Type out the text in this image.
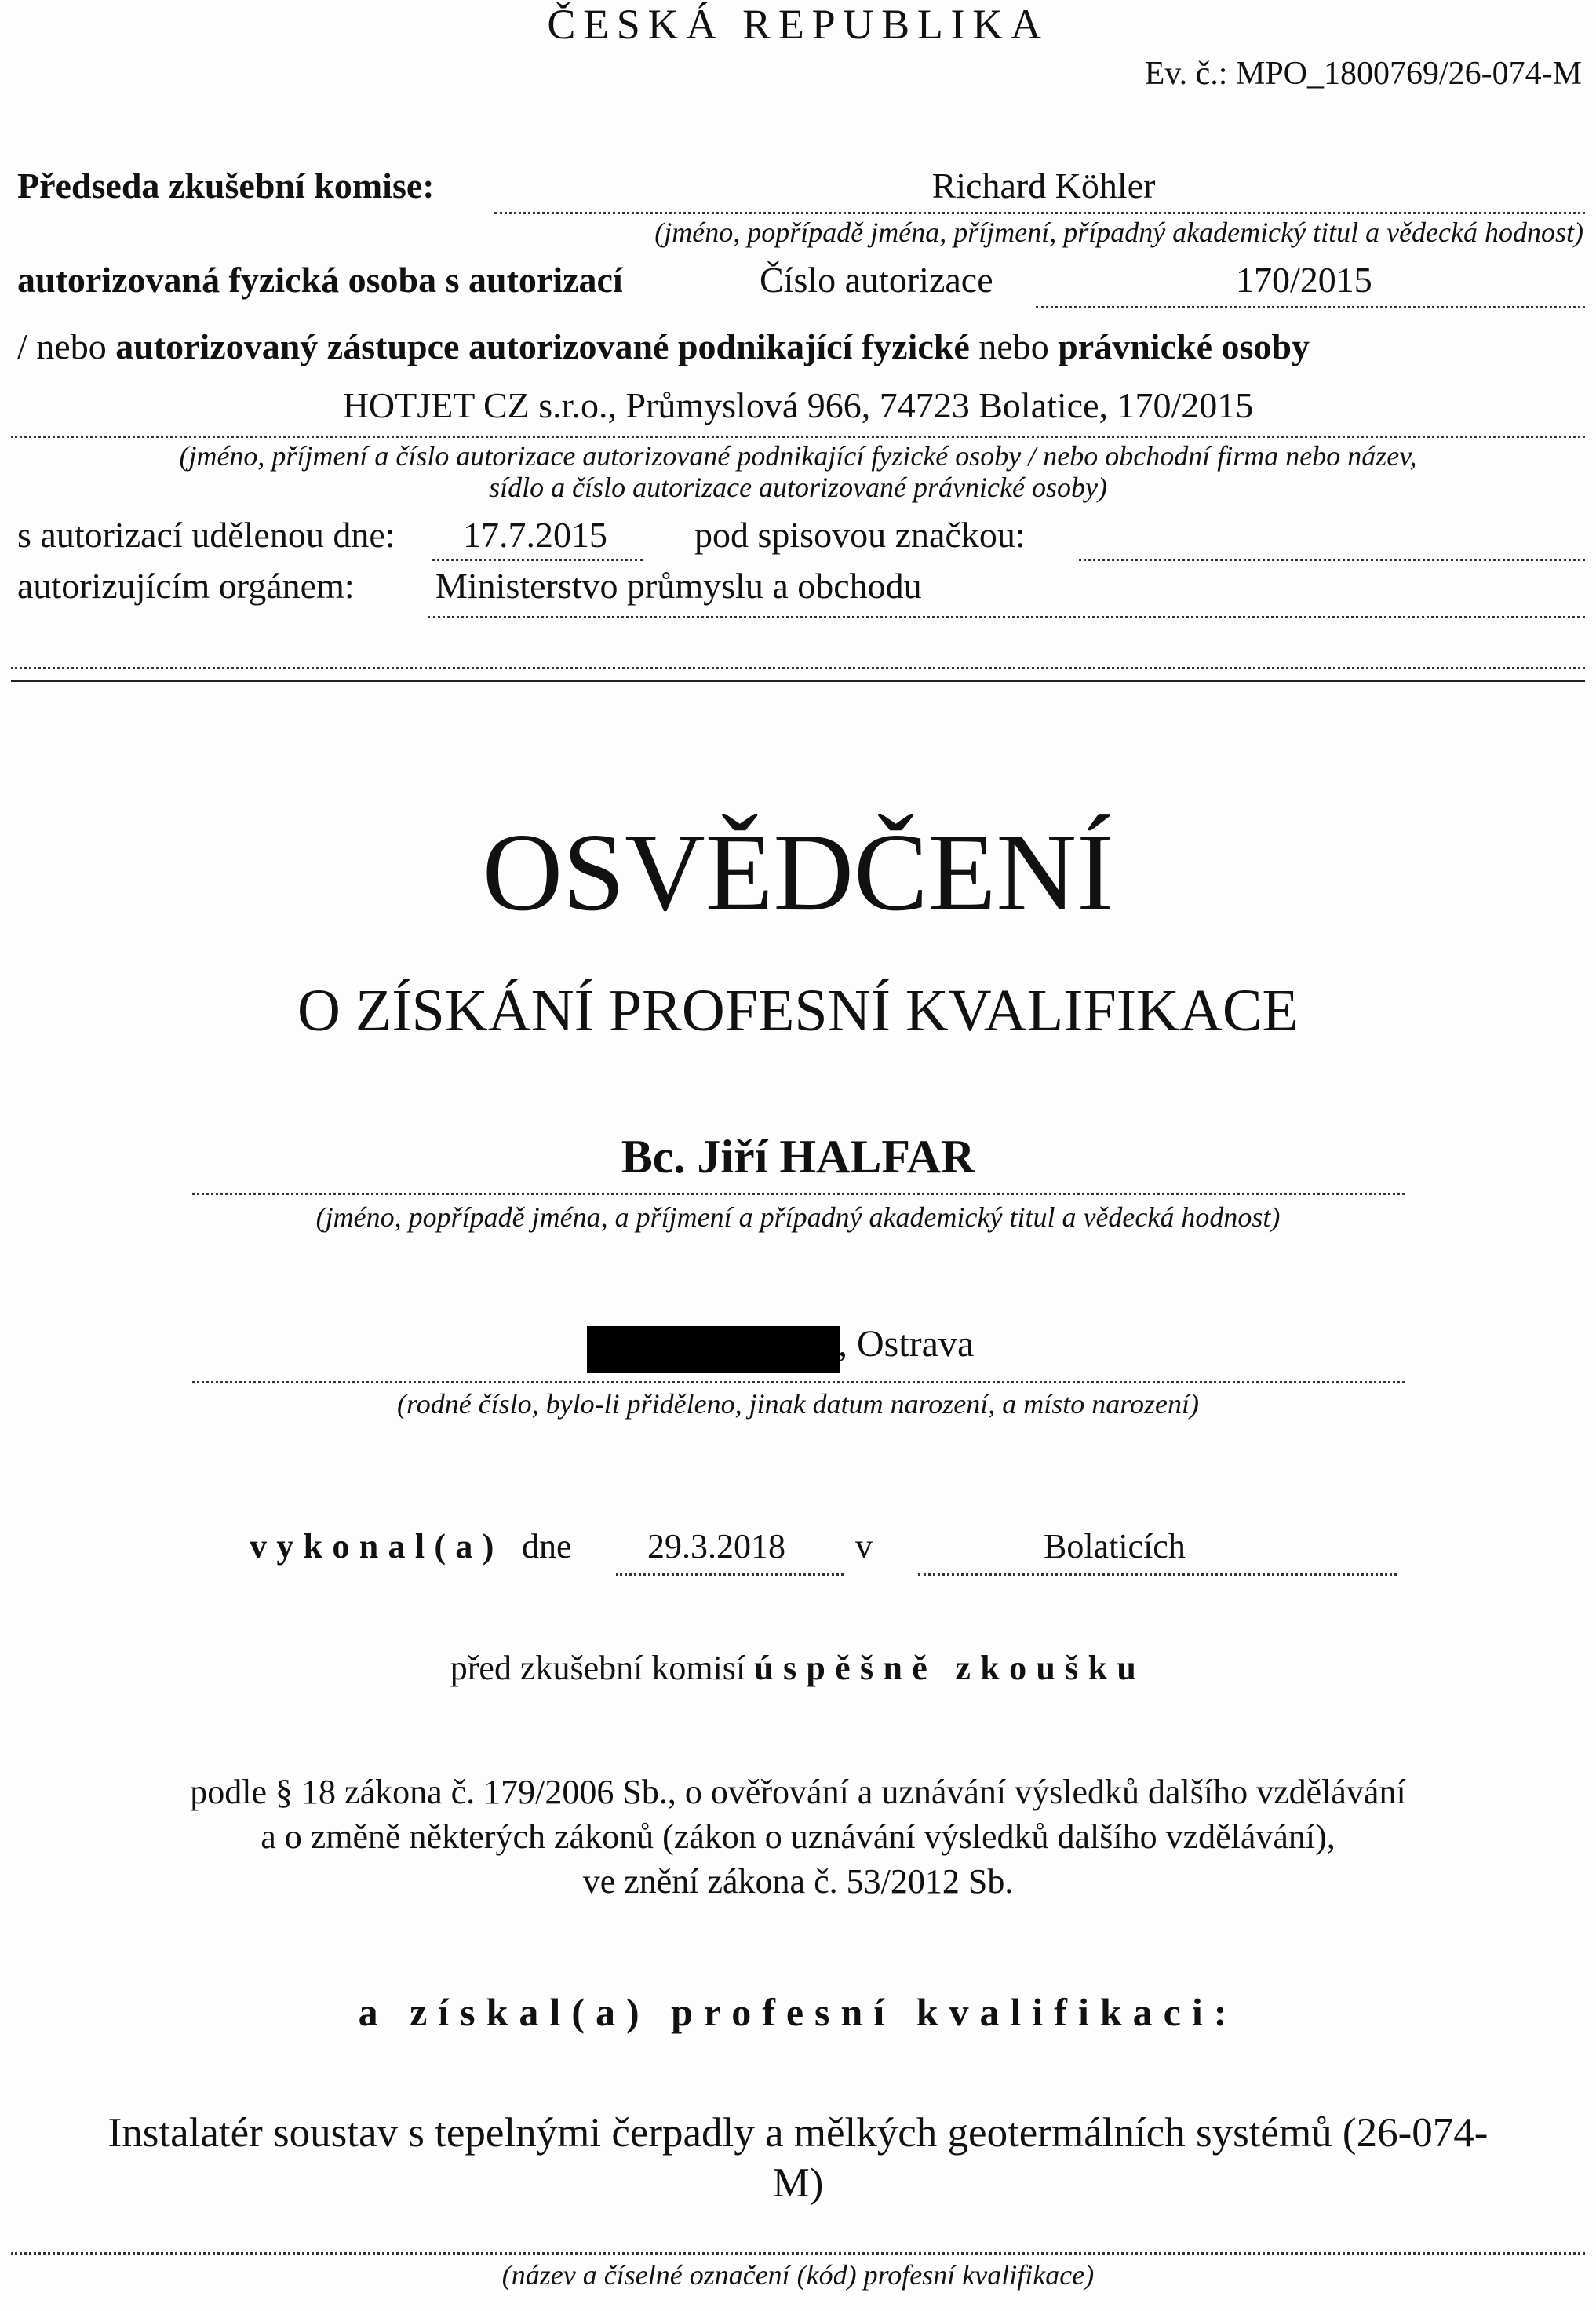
ČESKÁ REPUBLIKA
Ev. č.: MPO_1800769/26-074-M
Předseda zkušební komise:	Richard Köhler
(jméno, popřípadě jména, příjmení, případný akademický titul a vědecká hodnost)
autorizovaná fyzická osoba s autorizací	Číslo autorizace	170/2015
/ nebo autorizovaný zástupce autorizované podnikající fyzické nebo právnické osoby
HOTJET CZ s.r.o., Průmyslová 966, 74723 Bolatice, 170/2015
(jméno, příjmení a číslo autorizace autorizované podnikající fyzické osoby / nebo obchodní firma nebo název,
sídlo a číslo autorizace autorizované právnické osoby)
s autorizací udělenou dne: 17.7.2015 pod spisovou značkou:
autorizujícím orgánem: Ministerstvo průmyslu a obchodu
OSVĚDČENÍ
O ZÍSKÁNÍ PROFESNÍ KVALIFIKACE
Bc. Jiří HALFAR
(jméno, popřípadě jména, a příjmení a případný akademický titul a vědecká hodnost)
, Ostrava
(rodné číslo, bylo-li přiděleno, jinak datum narození, a místo narození)
vykonal(a) dne 29.3.2018 v	Bolaticích
před zkušební komisí úspěšně zkoušku
podle § 18 zákona č. 179/2006 Sb., o ověřování a uznávání výsledků dalšího vzdělávání
a o změně některých zákonů (zákon o uznávání výsledků dalšího vzdělávání),
ve znění zákona č. 53/2012 Sb.
a získal(a) profesní kvalifikaci:
Instalatér soustav s tepelnými čerpadly a mělkých geotermálních systémů (26-074-
M)
(název a číselné označení (kód) profesní kvalifikace)
